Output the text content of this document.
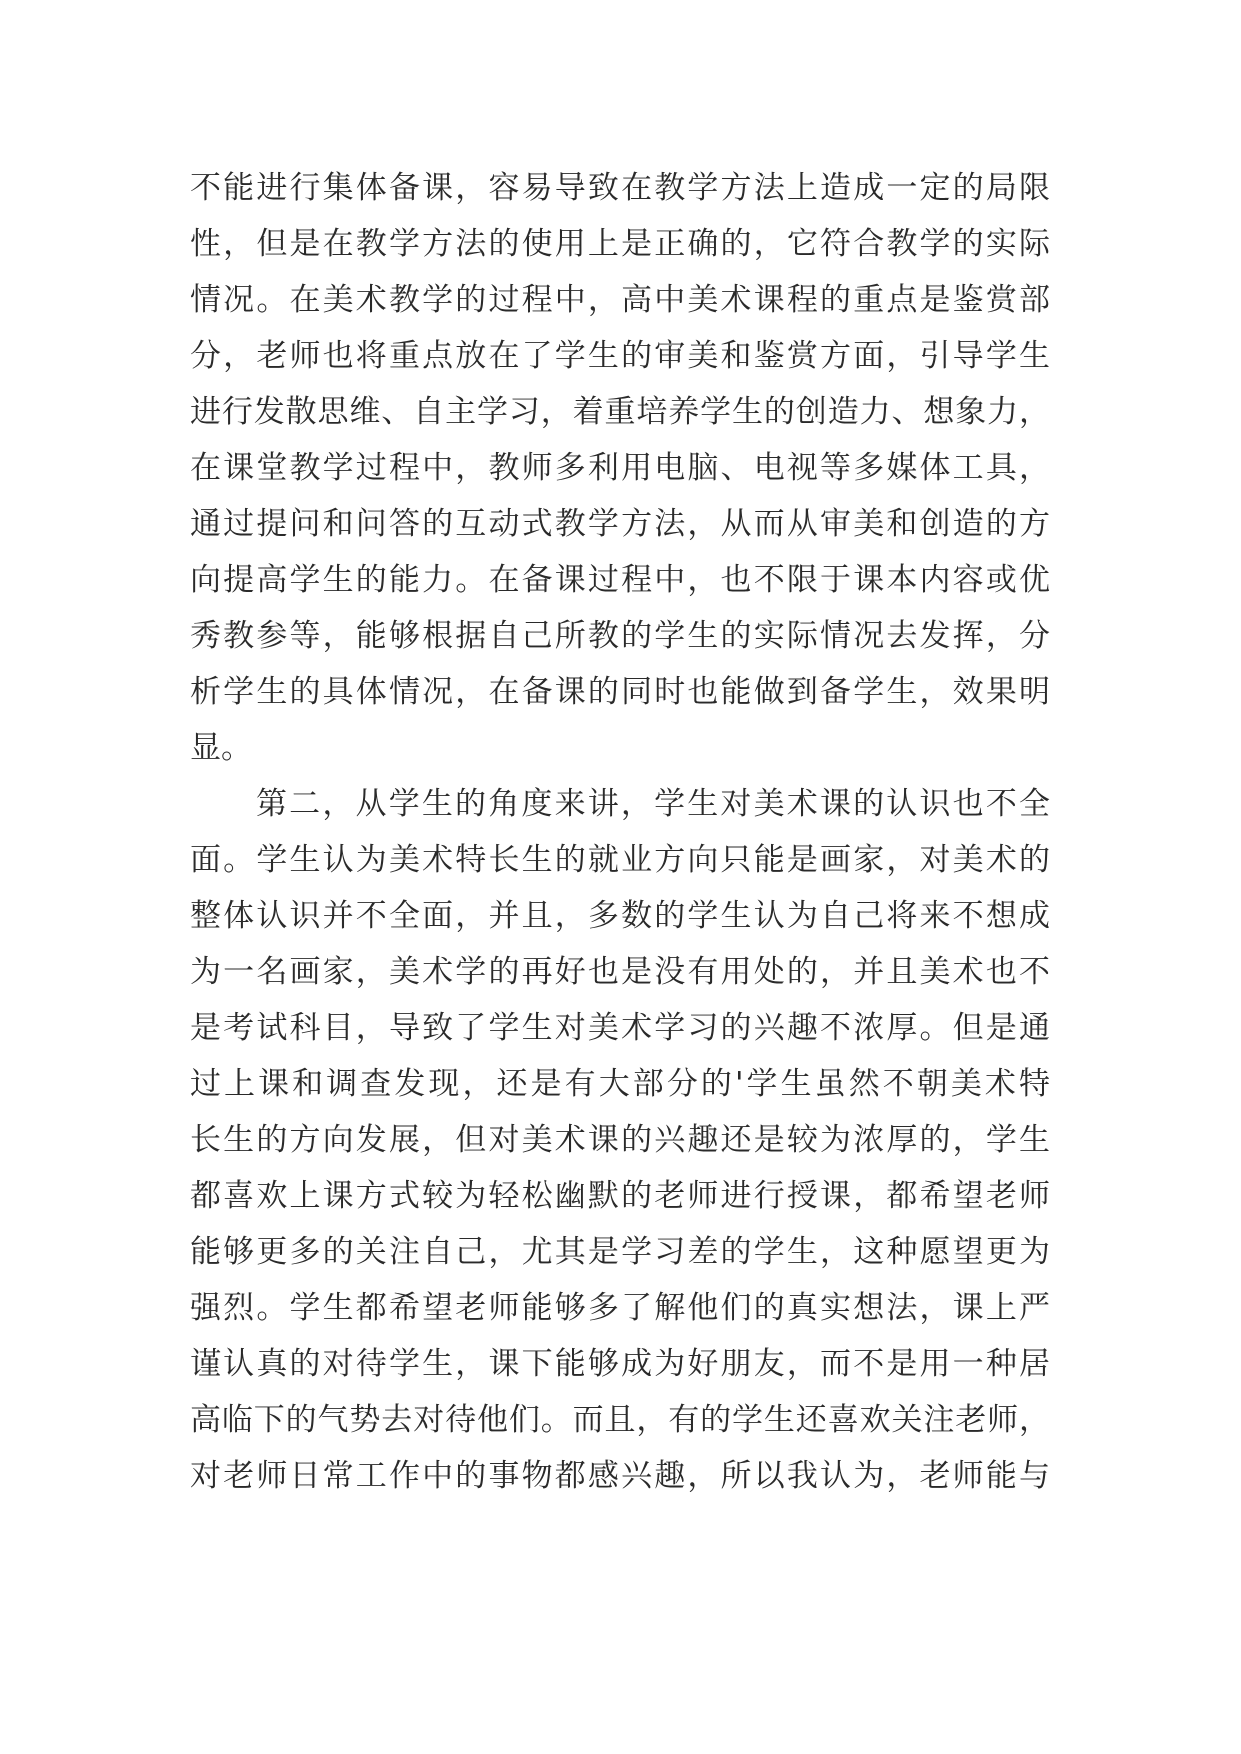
不能进行集体备课，容易导致在教学方法上造成一定的局限
性，但是在教学方法的使用上是正确的，它符合教学的实际
情况。在美术教学的过程中，高中美术课程的重点是鉴赏部
分，老师也将重点放在了学生的审美和鉴赏方面，引导学生
进行发散思维、自主学习，着重培养学生的创造力、想象力，
在课堂教学过程中，教师多利用电脑、电视等多媒体工具，
通过提问和问答的互动式教学方法，从而从审美和创造的方
向提高学生的能力。在备课过程中，也不限于课本内容或优
秀教参等，能够根据自己所教的学生的实际情况去发挥，分
析学生的具体情况，在备课的同时也能做到备学生，效果明
显。
第二，从学生的角度来讲，学生对美术课的认识也不全
面。学生认为美术特长生的就业方向只能是画家，对美术的
整体认识并不全面，并且，多数的学生认为自己将来不想成
为一名画家，美术学的再好也是没有用处的，并且美术也不
是考试科目，导致了学生对美术学习的兴趣不浓厚。但是通
过上课和调查发现，还是有大部分的'学生虽然不朝美术特
长生的方向发展，但对美术课的兴趣还是较为浓厚的，学生
都喜欢上课方式较为轻松幽默的老师进行授课，都希望老师
能够更多的关注自己，尤其是学习差的学生，这种愿望更为
强烈。学生都希望老师能够多了解他们的真实想法，课上严
谨认真的对待学生，课下能够成为好朋友，而不是用一种居
高临下的气势去对待他们。而且，有的学生还喜欢关注老师，
对老师日常工作中的事物都感兴趣，所以我认为，老师能与
